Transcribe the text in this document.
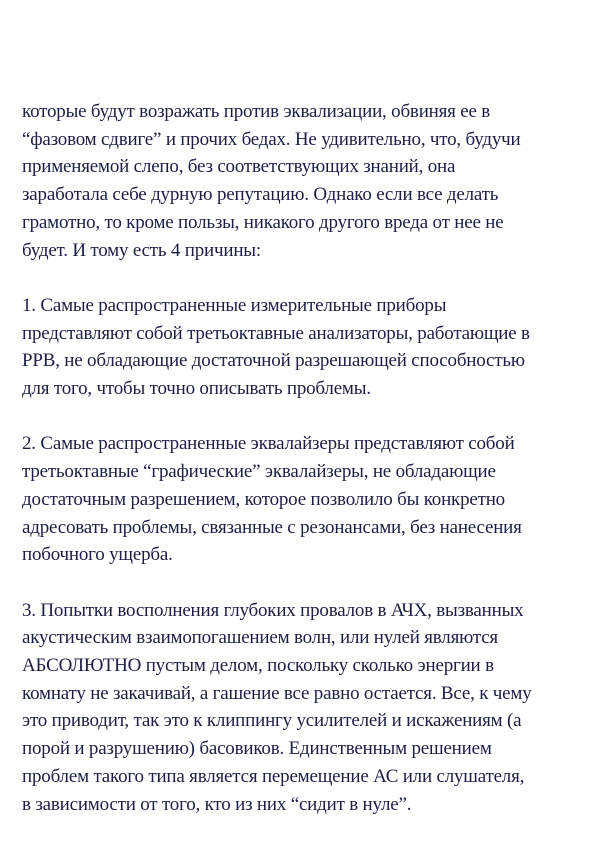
которые будут возражать против эквализации, обвиняя ее в
“фазовом сдвиге” и прочих бедах. Не удивительно, что, будучи
применяемой слепо, без соответствующих знаний, она
заработала себе дурную репутацию. Однако если все делать
грамотно, то кроме пользы, никакого другого вреда от нее не
будет. И тому есть 4 причины:

1. Самые распространенные измерительные приборы
представляют собой третьоктавные анализаторы, работающие в
PPB, не обладающие достаточной разрешающей способностью
для того, чтобы точно описывать проблемы.

2. Самые распространенные эквалайзеры представляют собой
третьоктавные “графические” эквалайзеры, не обладающие
достаточным разрешением, которое позволило бы конкретно
адресовать проблемы, связанные с резонансами, без нанесения
побочного ущерба.

3. Попытки восполнения глубоких провалов в АЧХ, вызванных
акустическим взаимопогашением волн, или нулей являются
АБСОЛЮТНО пустым делом, поскольку сколько энергии в
комнату не закачивай, а гашение все равно остается. Все, к чему
это приводит, так это к клиппингу усилителей и искажениям (а
порой и разрушению) басовиков. Единственным решением
проблем такого типа является перемещение АС или слушателя,
в зависимости от того, кто из них “сидит в нуле”.
